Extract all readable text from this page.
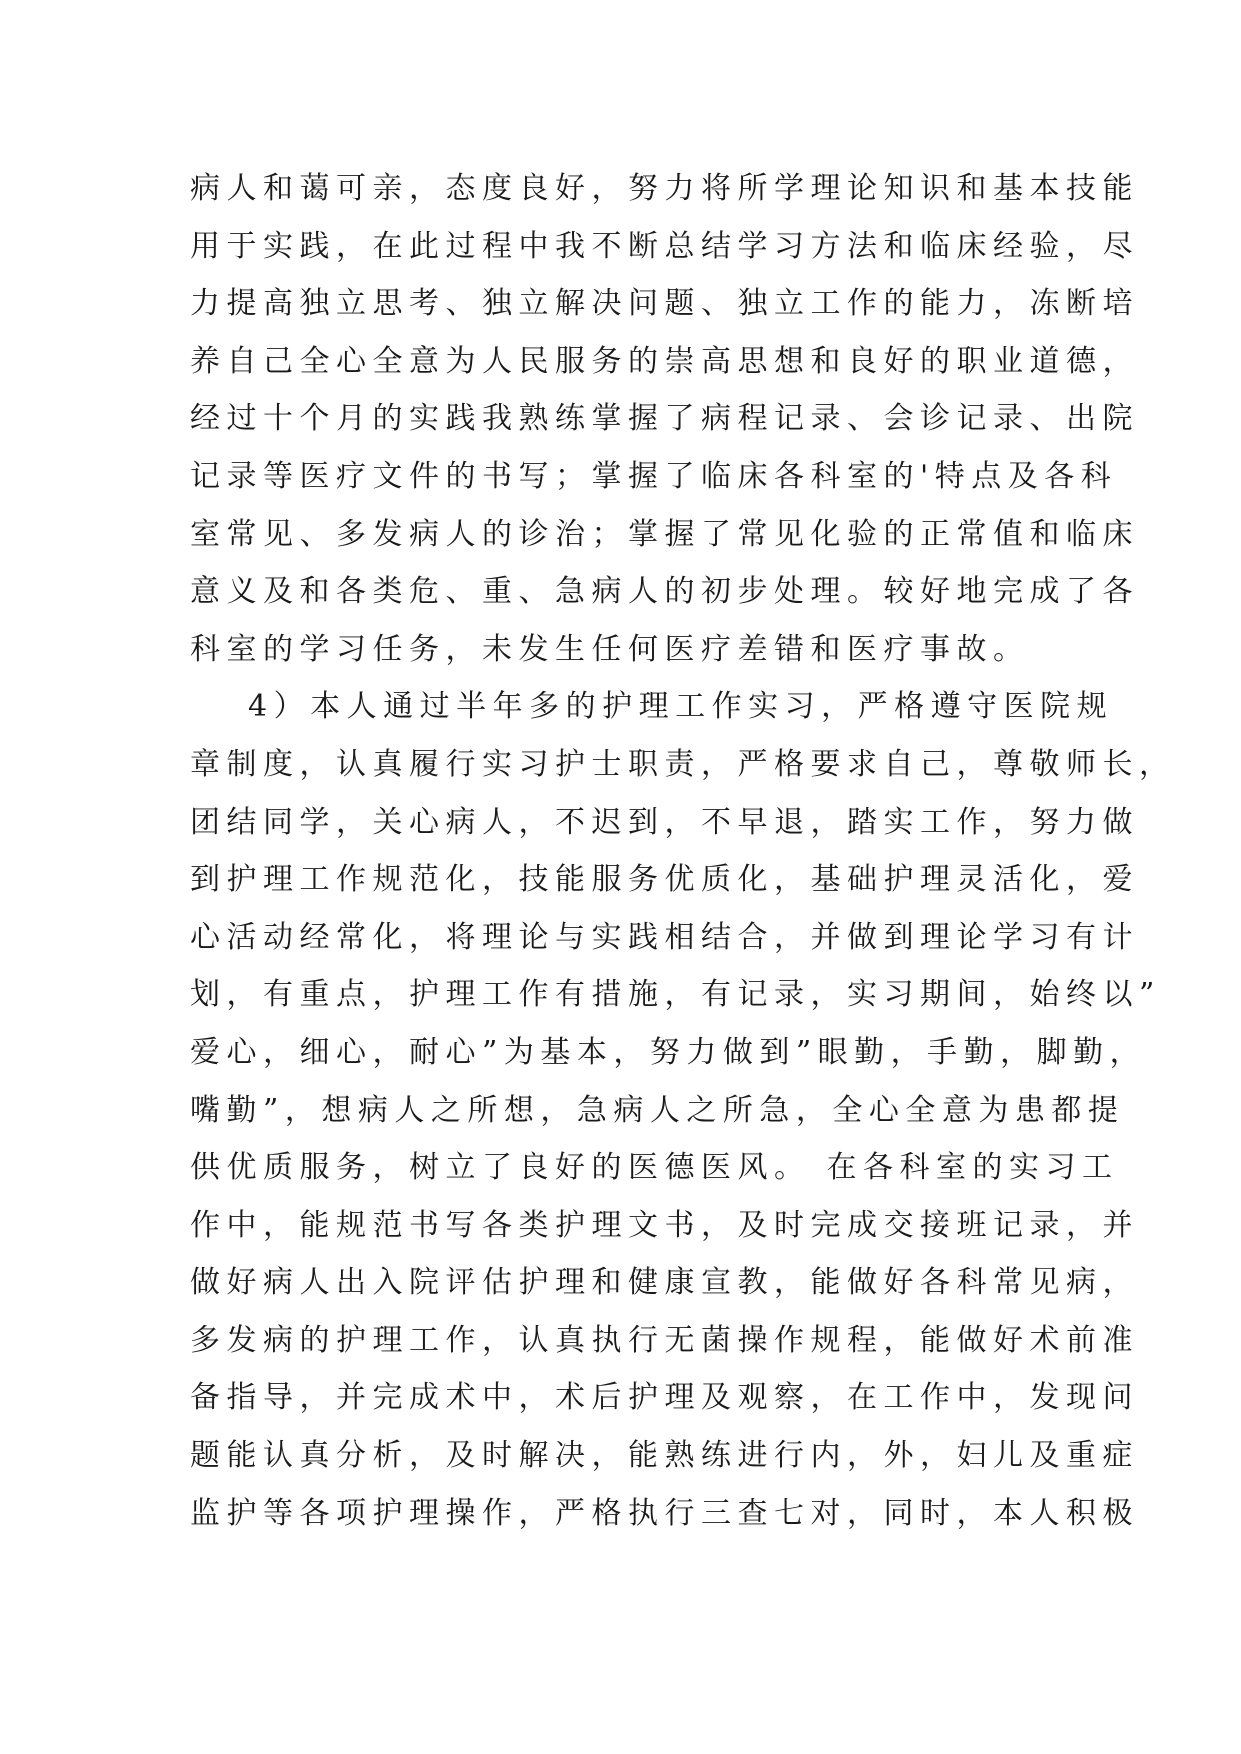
病人和蔼可亲，态度良好，努力将所学理论知识和基本技能
用于实践，在此过程中我不断总结学习方法和临床经验，尽
力提高独立思考、独立解决问题、独立工作的能力，冻断培
养自己全心全意为人民服务的崇高思想和良好的职业道德，
经过十个月的实践我熟练掌握了病程记录、会诊记录、出院
记录等医疗文件的书写；掌握了临床各科室的'特点及各科
室常见、多发病人的诊治；掌握了常见化验的正常值和临床
意义及和各类危、重、急病人的初步处理。较好地完成了各
科室的学习任务，未发生任何医疗差错和医疗事故。
4）本人通过半年多的护理工作实习，严格遵守医院规
章制度，认真履行实习护士职责，严格要求自己，尊敬师长，
团结同学，关心病人，不迟到，不早退，踏实工作，努力做
到护理工作规范化，技能服务优质化，基础护理灵活化，爱
心活动经常化，将理论与实践相结合，并做到理论学习有计
划，有重点，护理工作有措施，有记录，实习期间，始终以”
爱心，细心，耐心”为基本，努力做到”眼勤，手勤，脚勤，
嘴勤”，想病人之所想，急病人之所急，全心全意为患都提
供优质服务，树立了良好的医德医风。 在各科室的实习工
作中，能规范书写各类护理文书，及时完成交接班记录，并
做好病人出入院评估护理和健康宣教，能做好各科常见病，
多发病的护理工作，认真执行无菌操作规程，能做好术前准
备指导，并完成术中，术后护理及观察，在工作中，发现问
题能认真分析，及时解决，能熟练进行内，外，妇儿及重症
监护等各项护理操作，严格执行三查七对，同时，本人积极
